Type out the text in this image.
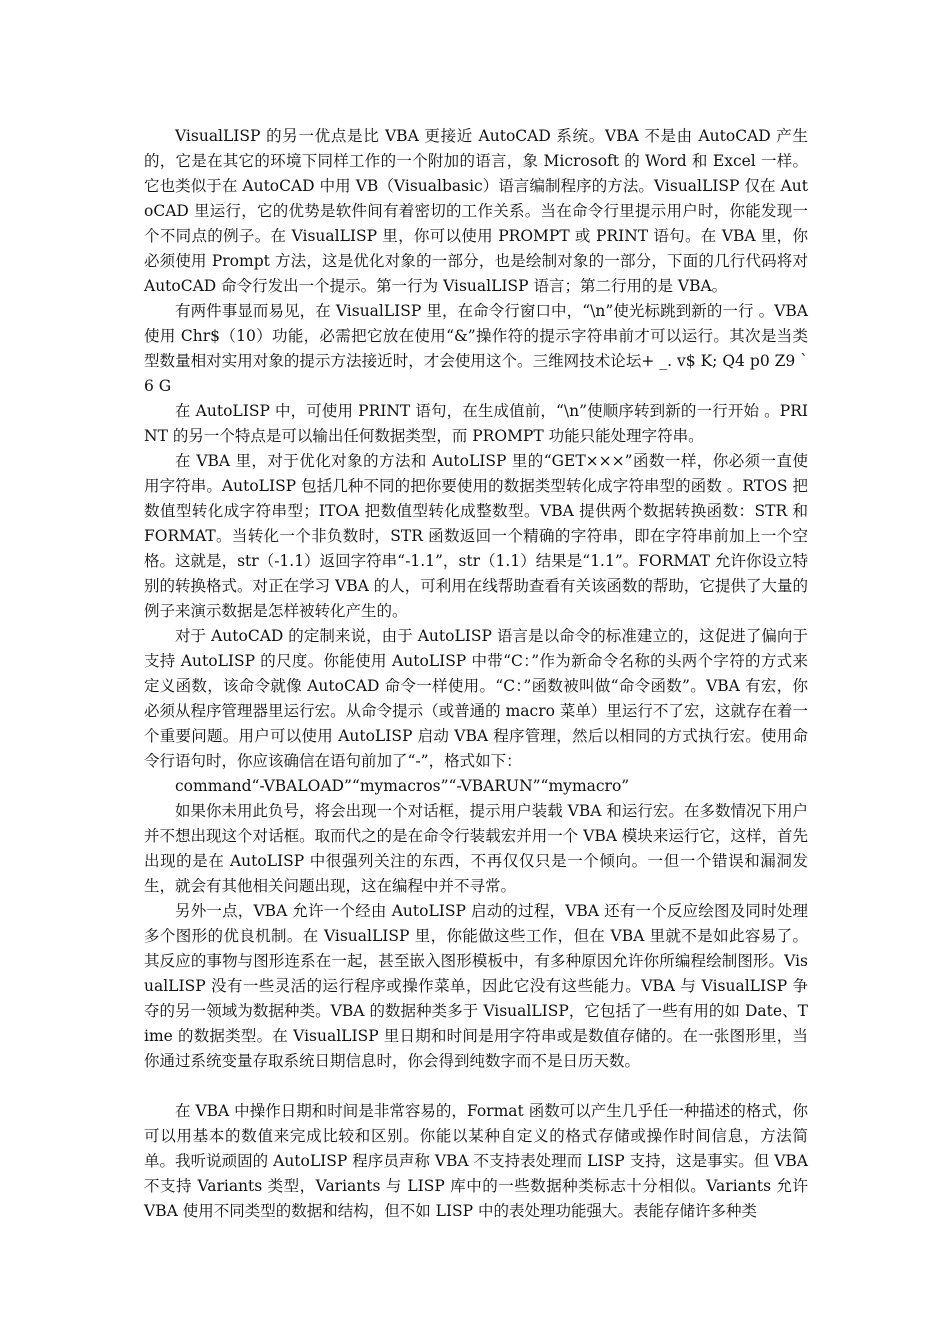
VisualLISP 的另一优点是比 VBA 更接近 AutoCAD 系统。VBA 不是由 AutoCAD 产生的，它是在其它的环境下同样工作的一个附加的语言，象 Microsoft 的 Word 和 Excel 一样。它也类似于在 AutoCAD 中用 VB（Visualbasic）语言编制程序的方法。VisualLISP 仅在 AutoCAD 里运行，它的优势是软件间有着密切的工作关系。当在命令行里提示用户时，你能发现一个不同点的例子。在 VisualLISP 里，你可以使用 PROMPT 或 PRINT 语句。在 VBA 里，你必须使用 Prompt 方法，这是优化对象的一部分，也是绘制对象的一部分，下面的几行代码将对 AutoCAD 命令行发出一个提示。第一行为 VisualLISP 语言；第二行用的是 VBA。

有两件事显而易见，在 VisualLISP 里，在命令行窗口中，“\n”使光标跳到新的一行 。VBA 使用 Chr$（10）功能，必需把它放在使用“&”操作符的提示字符串前才可以运行。其次是当类型数量相对实用对象的提示方法接近时，才会使用这个。三维网技术论坛+ _. v$ K; Q4 p0 Z9 `6 G

在 AutoLISP 中，可使用 PRINT 语句，在生成值前，“\n”使顺序转到新的一行开始 。PRINT 的另一个特点是可以输出任何数据类型，而 PROMPT 功能只能处理字符串。

在 VBA 里，对于优化对象的方法和 AutoLISP 里的“GET×××”函数一样，你必须一直使用字符串。AutoLISP 包括几种不同的把你要使用的数据类型转化成字符串型的函数 。RTOS 把数值型转化成字符串型；ITOA 把数值型转化成整数型。VBA 提供两个数据转换函数：STR 和 FORMAT。当转化一个非负数时，STR 函数返回一个精确的字符串，即在字符串前加上一个空格。这就是，str（-1.1）返回字符串“-1.1”，str（1.1）结果是“1.1”。FORMAT 允许你设立特别的转换格式。对正在学习 VBA 的人，可利用在线帮助查看有关该函数的帮助，它提供了大量的例子来演示数据是怎样被转化产生的。

对于 AutoCAD 的定制来说，由于 AutoLISP 语言是以命令的标准建立的，这促进了偏向于支持 AutoLISP 的尺度。你能使用 AutoLISP 中带“C：”作为新命令名称的头两个字符的方式来定义函数，该命令就像 AutoCAD 命令一样使用。“C：”函数被叫做“命令函数”。VBA 有宏，你必须从程序管理器里运行宏。从命令提示（或普通的 macro 菜单）里运行不了宏，这就存在着一个重要问题。用户可以使用 AutoLISP 启动 VBA 程序管理，然后以相同的方式执行宏。使用命令行语句时，你应该确信在语句前加了“-”，格式如下：

command“-VBALOAD”“mymacros”“-VBARUN”“mymacro”

如果你未用此负号，将会出现一个对话框，提示用户装载 VBA 和运行宏。在多数情况下用户并不想出现这个对话框。取而代之的是在命令行装载宏并用一个 VBA 模块来运行它，这样，首先出现的是在 AutoLISP 中很强列关注的东西，不再仅仅只是一个倾向。一但一个错误和漏洞发生，就会有其他相关问题出现，这在编程中并不寻常。

另外一点，VBA 允许一个经由 AutoLISP 启动的过程，VBA 还有一个反应绘图及同时处理多个图形的优良机制。在 VisualLISP 里，你能做这些工作，但在 VBA 里就不是如此容易了。其反应的事物与图形连系在一起，甚至嵌入图形模板中，有多种原因允许你所编程绘制图形。VisualLISP 没有一些灵活的运行程序或操作菜单，因此它没有这些能力。VBA 与 VisualLISP 争夺的另一领域为数据种类。VBA 的数据种类多于 VisualLISP，它包括了一些有用的如 Date、Time 的数据类型。在 VisualLISP 里日期和时间是用字符串或是数值存储的。在一张图形里，当你通过系统变量存取系统日期信息时，你会得到纯数字而不是日历天数。

在 VBA 中操作日期和时间是非常容易的，Format 函数可以产生几乎任一种描述的格式，你可以用基本的数值来完成比较和区别。你能以某种自定义的格式存储或操作时间信息，方法简单。我听说顽固的 AutoLISP 程序员声称 VBA 不支持表处理而 LISP 支持，这是事实。但 VBA 不支持 Variants 类型，Variants 与 LISP 库中的一些数据种类标志十分相似。Variants 允许 VBA 使用不同类型的数据和结构，但不如 LISP 中的表处理功能强大。表能存储许多种类
